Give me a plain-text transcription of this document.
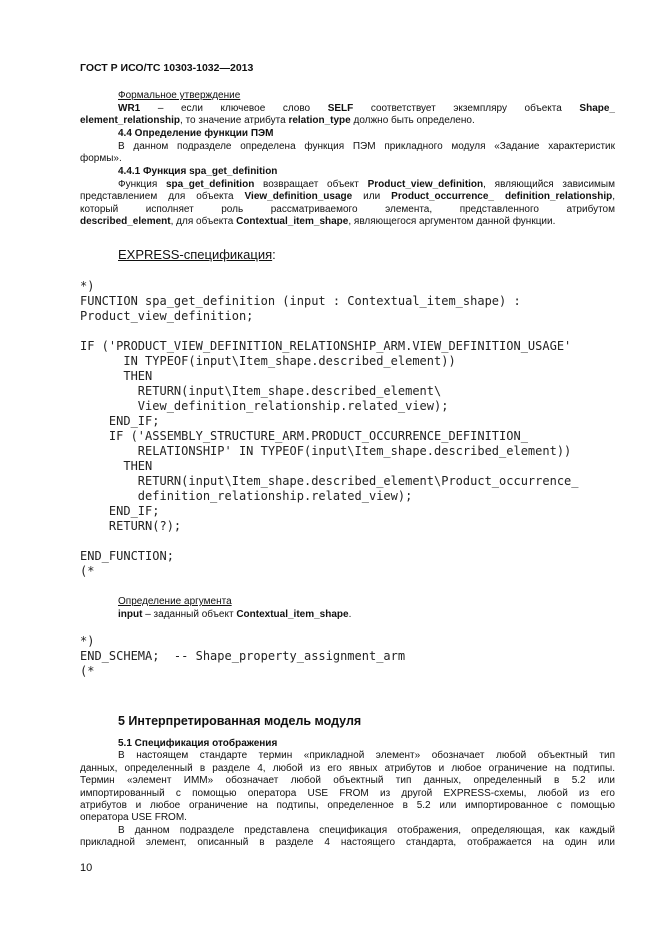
ГОСТ Р ИСО/ТС 10303-1032—2013
Формальное утверждение
WR1 – если ключевое слово SELF соответствует экземпляру объекта Shape_
element_relationship, то значение атрибута relation_type должно быть определено.
4.4 Определение функции ПЭМ
В данном подразделе определена функция ПЭМ прикладного модуля «Задание характеристик
формы».
4.4.1 Функция spa_get_definition
Функция spa_get_definition возвращает объект Product_view_definition, являющийся зависимым
представлением для объекта View_definition_usage или Product_occurrence_ definition_relationship,
который исполняет роль рассматриваемого элемента, представленного атрибутом
described_element, для объекта Contextual_item_shape, являющегося аргументом данной функции.
EXPRESS-спецификация:
*)
FUNCTION spa_get_definition (input : Contextual_item_shape) :
Product_view_definition;
IF ('PRODUCT_VIEW_DEFINITION_RELATIONSHIP_ARM.VIEW_DEFINITION_USAGE'
IN TYPEOF(input\Item_shape.described_element))
THEN
RETURN(input\Item_shape.described_element\
View_definition_relationship.related_view);
END_IF;
IF ('ASSEMBLY_STRUCTURE_ARM.PRODUCT_OCCURRENCE_DEFINITION_
RELATIONSHIP' IN TYPEOF(input\Item_shape.described_element))
THEN
RETURN(input\Item_shape.described_element\Product_occurrence_
definition_relationship.related_view);
END_IF;
RETURN(?);
END_FUNCTION;
(*
Определение аргумента
input – заданный объект Contextual_item_shape.
*)
END_SCHEMA;  -- Shape_property_assignment_arm
(*
5 Интерпретированная модель модуля
5.1 Спецификация отображения
В настоящем стандарте термин «прикладной элемент» обозначает любой объектный тип
данных, определенный в разделе 4, любой из его явных атрибутов и любое ограничение на подтипы.
Термин «элемент ИММ» обозначает любой объектный тип данных, определенный в 5.2 или
импортированный с помощью оператора USE FROM из другой EXPRESS-схемы, любой из его
атрибутов и любое ограничение на подтипы, определенное в 5.2 или импортированное с помощью
оператора USE FROM.
В данном подразделе представлена спецификация отображения, определяющая, как каждый
прикладной элемент, описанный в разделе 4 настоящего стандарта, отображается на один или
10
